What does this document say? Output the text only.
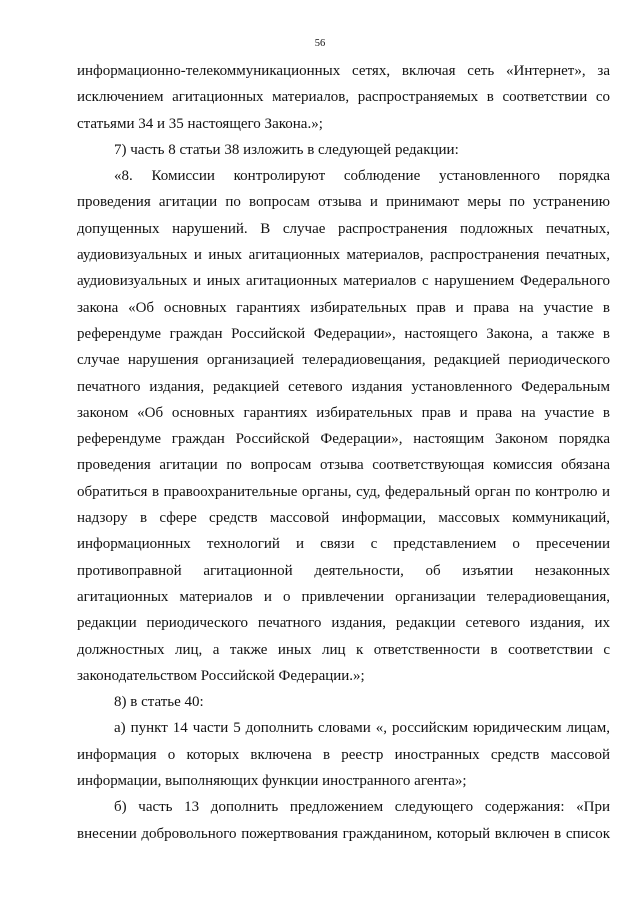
56
информационно-телекоммуникационных сетях, включая сеть «Интернет», за
исключением агитационных материалов, распространяемых в соответствии со
статьями 34 и 35 настоящего Закона.»;
7) часть 8 статьи 38 изложить в следующей редакции:
«8. Комиссии контролируют соблюдение установленного порядка
проведения агитации по вопросам отзыва и принимают меры по устранению
допущенных нарушений. В случае распространения подложных печатных,
аудиовизуальных и иных агитационных материалов, распространения печатных,
аудиовизуальных и иных агитационных материалов с нарушением Федерального
закона «Об основных гарантиях избирательных прав и права на участие в
референдуме граждан Российской Федерации», настоящего Закона, а также в
случае нарушения организацией телерадиовещания, редакцией периодического
печатного издания, редакцией сетевого издания установленного Федеральным
законом «Об основных гарантиях избирательных прав и права на участие в
референдуме граждан Российской Федерации», настоящим Законом порядка
проведения агитации по вопросам отзыва соответствующая комиссия обязана
обратиться в правоохранительные органы, суд, федеральный орган по контролю и
надзору в сфере средств массовой информации, массовых коммуникаций,
информационных технологий и связи с представлением о пресечении
противоправной агитационной деятельности, об изъятии незаконных
агитационных материалов и о привлечении организации телерадиовещания,
редакции периодического печатного издания, редакции сетевого издания, их
должностных лиц, а также иных лиц к ответственности в соответствии с
законодательством Российской Федерации.»;
8) в статье 40:
а) пункт 14 части 5 дополнить словами «, российским юридическим лицам,
информация о которых включена в реестр иностранных средств массовой
информации, выполняющих функции иностранного агента»;
б) часть 13 дополнить предложением следующего содержания: «При
внесении добровольного пожертвования гражданином, который включен в список
